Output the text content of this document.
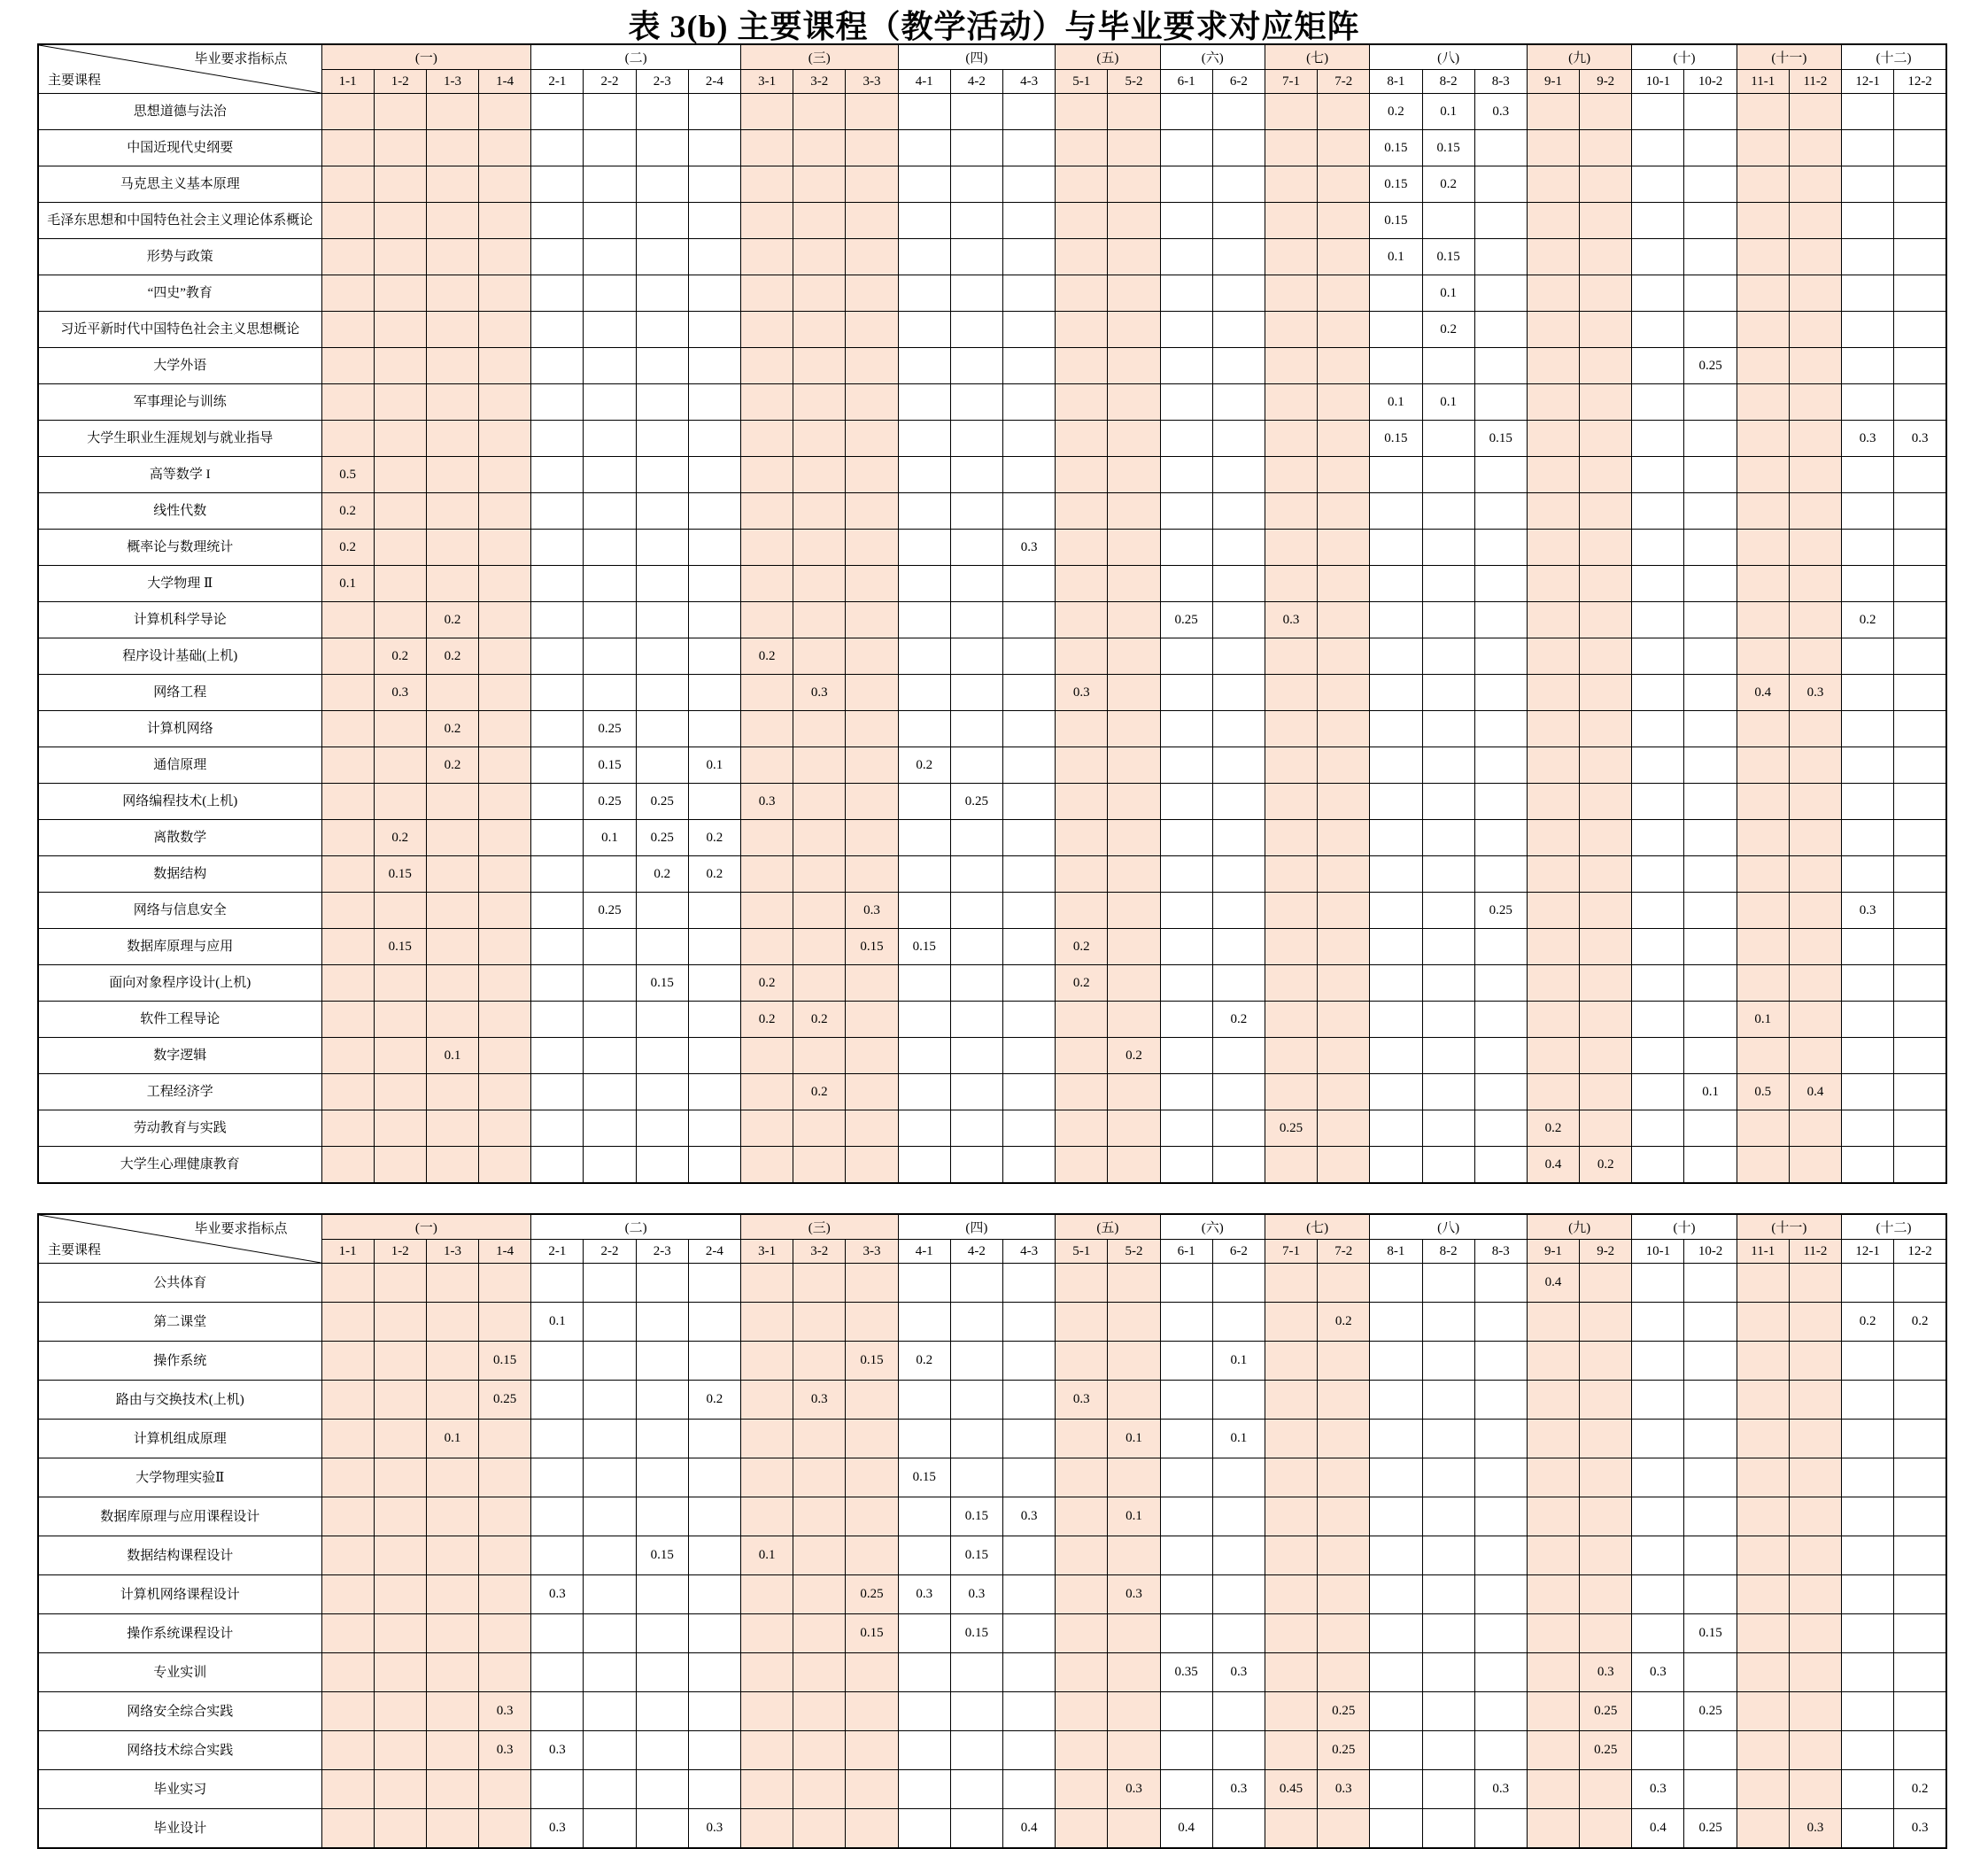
表 3(b) 主要课程（教学活动）与毕业要求对应矩阵
毕业要求指标点
主要课程	(一)				(二)				(三)			(四)			(五)		(六)		(七)		(八)			(九)		(十)		(十一)		(十二)	
	1-1	1-2	1-3	1-4	2-1	2-2	2-3	2-4	3-1	3-2	3-3	4-1	4-2	4-3	5-1	5-2	6-1	6-2	7-1	7-2	8-1	8-2	8-3	9-1	9-2	10-1	10-2	11-1	11-2	12-1	12-2
思想道德与法治																					0.2	0.1	0.3								
中国近现代史纲要																					0.15	0.15									
马克思主义基本原理																					0.15	0.2									
毛泽东思想和中国特色社会主义理论体系概论																					0.15										
形势与政策																					0.1	0.15									
“四史”教育																						0.1									
习近平新时代中国特色社会主义思想概论																						0.2									
大学外语																											0.25				
军事理论与训练																					0.1	0.1									
大学生职业生涯规划与就业指导																					0.15		0.15							0.3	0.3
高等数学 I	0.5																														
线性代数	0.2																														
概率论与数理统计	0.2													0.3																	
大学物理 Ⅱ	0.1																														
计算机科学导论			0.2														0.25		0.3											0.2	
程序设计基础(上机)		0.2	0.2						0.2																						
网络工程		0.3								0.3					0.3													0.4	0.3		
计算机网络			0.2			0.25																									
通信原理			0.2			0.15		0.1				0.2																			
网络编程技术(上机)						0.25	0.25		0.3				0.25																		
离散数学		0.2				0.1	0.25	0.2																							
数据结构		0.15					0.2	0.2																							
网络与信息安全						0.25					0.3												0.25							0.3	
数据库原理与应用		0.15									0.15	0.15			0.2																
面向对象程序设计(上机)							0.15		0.2						0.2																
软件工程导论									0.2	0.2								0.2										0.1			
数字逻辑			0.1													0.2															
工程经济学										0.2																	0.1	0.5	0.4		
劳动教育与实践																			0.25					0.2							
大学生心理健康教育																								0.4	0.2						
毕业要求指标点
主要课程	(一)				(二)				(三)			(四)			(五)		(六)		(七)		(八)			(九)		(十)		(十一)		(十二)	
	1-1	1-2	1-3	1-4	2-1	2-2	2-3	2-4	3-1	3-2	3-3	4-1	4-2	4-3	5-1	5-2	6-1	6-2	7-1	7-2	8-1	8-2	8-3	9-1	9-2	10-1	10-2	11-1	11-2	12-1	12-2
公共体育																								0.4							
第二课堂					0.1															0.2										0.2	0.2
操作系统				0.15							0.15	0.2						0.1													
路由与交换技术(上机)				0.25				0.2		0.3					0.3																
计算机组成原理			0.1													0.1		0.1													
大学物理实验Ⅱ												0.15																			
数据库原理与应用课程设计													0.15	0.3		0.1															
数据结构课程设计							0.15		0.1				0.15																		
计算机网络课程设计					0.3						0.25	0.3	0.3			0.3															
操作系统课程设计											0.15		0.15														0.15				
专业实训																	0.35	0.3							0.3	0.3					
网络安全综合实践				0.3																0.25					0.25		0.25				
网络技术综合实践				0.3	0.3															0.25					0.25						
毕业实习																0.3		0.3	0.45	0.3			0.3			0.3					0.2
毕业设计					0.3			0.3						0.4			0.4									0.4	0.25		0.3		0.3
